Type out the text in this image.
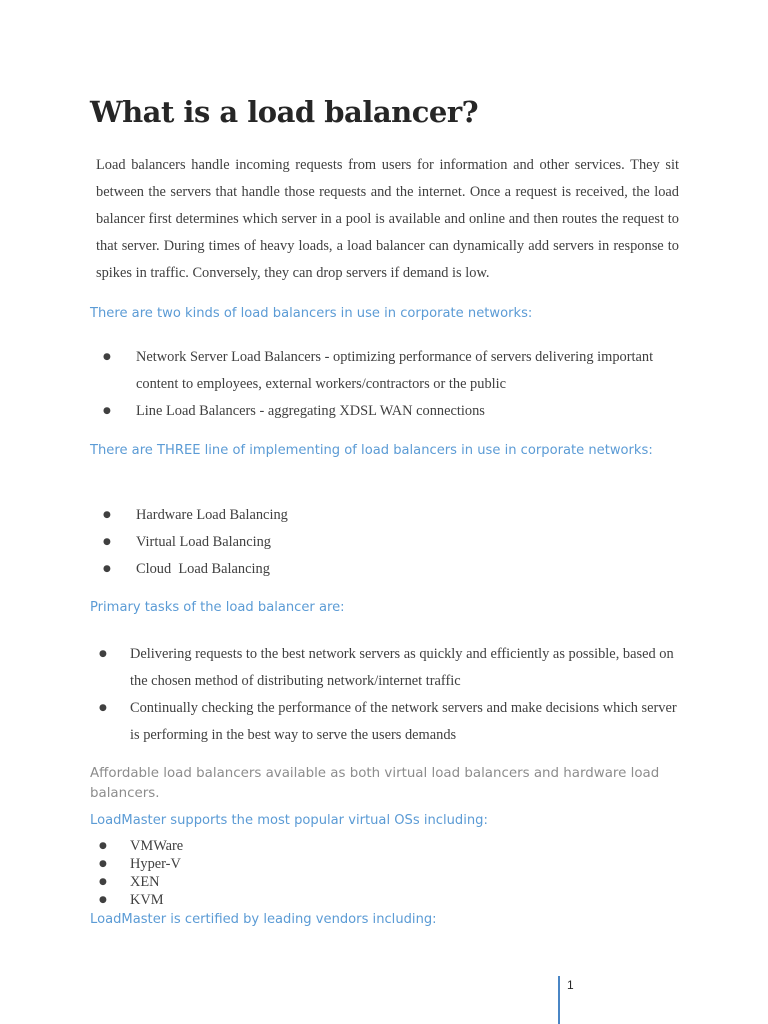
What is a load balancer?

Load balancers handle incoming requests from users for information and other services. They sit between the servers that handle those requests and the internet. Once a request is received, the load balancer first determines which server in a pool is available and online and then routes the request to that server. During times of heavy loads, a load balancer can dynamically add servers in response to spikes in traffic. Conversely, they can drop servers if demand is low.

There are two kinds of load balancers in use in corporate networks:

● Network Server Load Balancers - optimizing performance of servers delivering important content to employees, external workers/contractors or the public
● Line Load Balancers - aggregating XDSL WAN connections

There are THREE line of implementing of load balancers in use in corporate networks:

● Hardware Load Balancing
● Virtual Load Balancing
● Cloud  Load Balancing

Primary tasks of the load balancer are:

● Delivering requests to the best network servers as quickly and efficiently as possible, based on the chosen method of distributing network/internet traffic
● Continually checking the performance of the network servers and make decisions which server is performing in the best way to serve the users demands

Affordable load balancers available as both virtual load balancers and hardware load balancers.

LoadMaster supports the most popular virtual OSs including:

● VMWare
● Hyper-V
● XEN
● KVM

LoadMaster is certified by leading vendors including:

1
